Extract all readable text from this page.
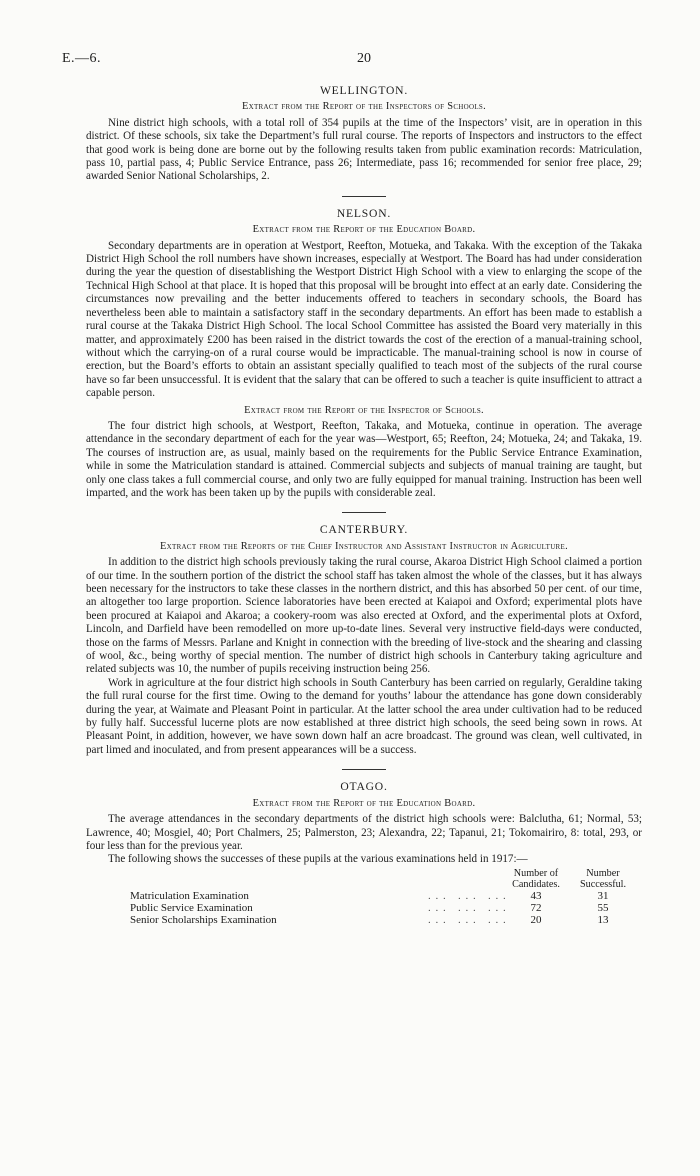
E.—6.	20
WELLINGTON.
Extract from the Report of the Inspectors of Schools.

Nine district high schools, with a total roll of 354 pupils at the time of the Inspectors’ visit, are in operation in this district. Of these schools, six take the Department’s full rural course. The reports of Inspectors and instructors to the effect that good work is being done are borne out by the following results taken from public examination records: Matriculation, pass 10, partial pass, 4; Public Service Entrance, pass 26; Intermediate, pass 16; recommended for senior free place, 29; awarded Senior National Scholarships, 2.

NELSON.
Extract from the Report of the Education Board.

Secondary departments are in operation at Westport, Reefton, Motueka, and Takaka. With the exception of the Takaka District High School the roll numbers have shown increases, especially at Westport. The Board has had under consideration during the year the question of disestablishing the Westport District High School with a view to enlarging the scope of the Technical High School at that place. It is hoped that this proposal will be brought into effect at an early date. Considering the circumstances now prevailing and the better inducements offered to teachers in secondary schools, the Board has nevertheless been able to maintain a satisfactory staff in the secondary departments. An effort has been made to establish a rural course at the Takaka District High School. The local School Committee has assisted the Board very materially in this matter, and approximately £200 has been raised in the district towards the cost of the erection of a manual-training school, without which the carrying-on of a rural course would be impracticable. The manual-training school is now in course of erection, but the Board’s efforts to obtain an assistant specially qualified to teach most of the subjects of the rural course have so far been unsuccessful. It is evident that the salary that can be offered to such a teacher is quite insufficient to attract a capable person.

Extract from the Report of the Inspector of Schools.

The four district high schools, at Westport, Reefton, Takaka, and Motueka, continue in operation. The average attendance in the secondary department of each for the year was—Westport, 65; Reefton, 24; Motueka, 24; and Takaka, 19. The courses of instruction are, as usual, mainly based on the requirements for the Public Service Entrance Examination, while in some the Matriculation standard is attained. Commercial subjects and subjects of manual training are taught, but only one class takes a full commercial course, and only two are fully equipped for manual training. Instruction has been well imparted, and the work has been taken up by the pupils with considerable zeal.

CANTERBURY.
Extract from the Reports of the Chief Instructor and Assistant Instructor in Agriculture.

In addition to the district high schools previously taking the rural course, Akaroa District High School claimed a portion of our time. In the southern portion of the district the school staff has taken almost the whole of the classes, but it has always been necessary for the instructors to take these classes in the northern district, and this has absorbed 50 per cent. of our time, an altogether too large proportion. Science laboratories have been erected at Kaiapoi and Oxford; experimental plots have been procured at Kaiapoi and Akaroa; a cookery-room was also erected at Oxford, and the experimental plots at Oxford, Lincoln, and Darfield have been remodelled on more up-to-date lines. Several very instructive field-days were conducted, those on the farms of Messrs. Parlane and Knight in connection with the breeding of live-stock and the shearing and classing of wool, &c., being worthy of special mention. The number of district high schools in Canterbury taking agriculture and related subjects was 10, the number of pupils receiving instruction being 256.

Work in agriculture at the four district high schools in South Canterbury has been carried on regularly, Geraldine taking the full rural course for the first time. Owing to the demand for youths’ labour the attendance has gone down considerably during the year, at Waimate and Pleasant Point in particular. At the latter school the area under cultivation had to be reduced by fully half. Successful lucerne plots are now established at three district high schools, the seed being sown in rows. At Pleasant Point, in addition, however, we have sown down half an acre broadcast. The ground was clean, well cultivated, in part limed and inoculated, and from present appearances will be a success.

OTAGO.
Extract from the Report of the Education Board.

The average attendances in the secondary departments of the district high schools were: Balclutha, 61; Normal, 53; Lawrence, 40; Mosgiel, 40; Port Chalmers, 25; Palmerston, 23; Alexandra, 22; Tapanui, 21; Tokomairiro, 8: total, 293, or four less than for the previous year.

The following shows the successes of these pupils at the various examinations held in 1917:—

		Number of Candidates.	Number Successful.
Matriculation Examination	. . .   . . .   . . .	43	31
Public Service Examination	. . .   . . .   . . .	72	55
Senior Scholarships Examination	. . .   . . .   . . .	20	13
